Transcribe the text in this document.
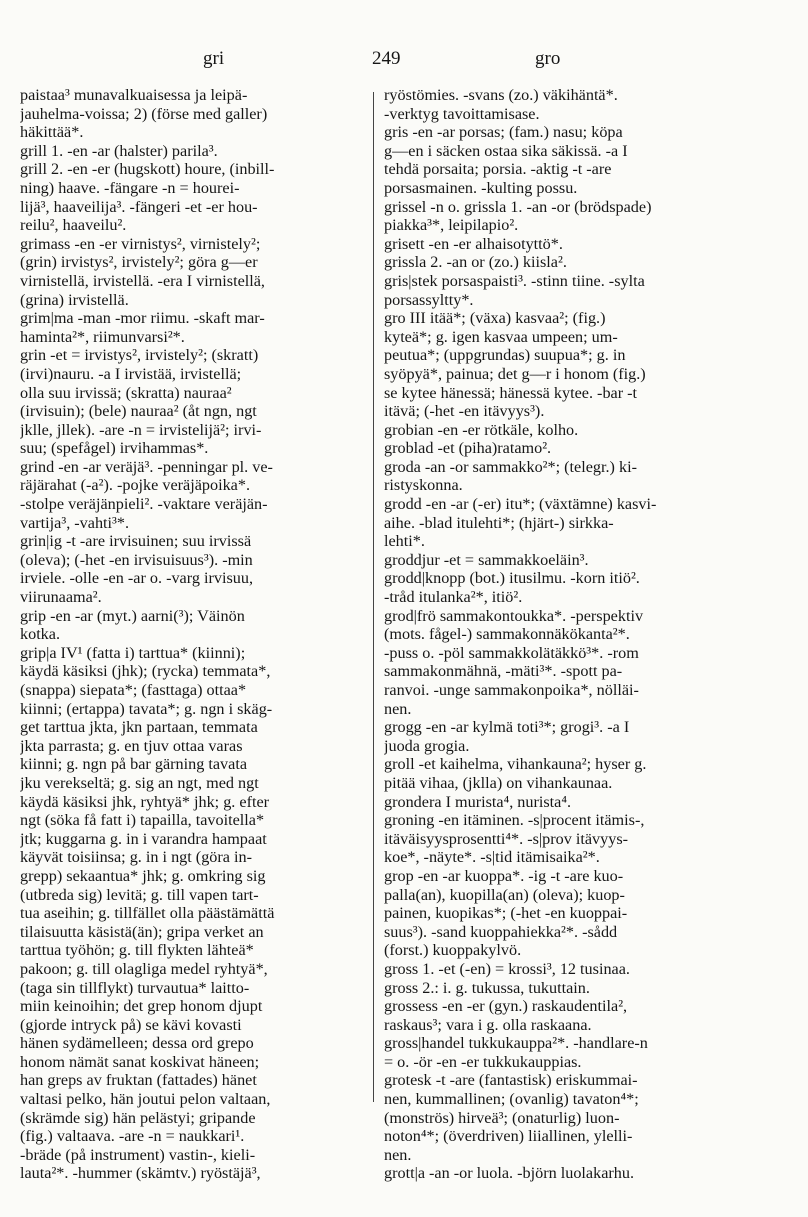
gri	249	gro
paistaa³ munavalkuaisessa ja leipä-
jauhelma-voissa; 2) (förse med galler)
häkittää*.
grill 1. -en -ar (halster) parila³.
grill 2. -en -er (hugskott) houre, (inbill-
ning) haave. -fängare -n = hourei-
lijä³, haaveilija³. -fängeri -et -er hou-
reilu², haaveilu².
grimass -en -er virnistys², virnistely²;
(grin) irvistys², irvistely²; göra g—er
virnistellä, irvistellä. -era I virnistellä,
(grina) irvistellä.
grim|ma -man -mor riimu. -skaft mar-
haminta²*, riimunvarsi²*.
grin -et = irvistys², irvistely²; (skratt)
(irvi)nauru. -a I irvistää, irvistellä;
olla suu irvissä; (skratta) nauraa²
(irvisuin); (bele) nauraa² (åt ngn, ngt
jklle, jllek). -are -n = irvistelijä²; irvi-
suu; (spefågel) irvihammas*.
grind -en -ar veräjä³. -penningar pl. ve-
räjärahat (-a²). -pojke veräjäpoika*.
-stolpe veräjänpieli². -vaktare veräjän-
vartija³, -vahti³*.
grin|ig -t -are irvisuinen; suu irvissä
(oleva); (-het -en irvisuisuus³). -min
irviele. -olle -en -ar o. -varg irvisuu,
viirunaama².
grip -en -ar (myt.) aarni(³); Väinön
kotka.
grip|a IV¹ (fatta i) tarttua* (kiinni);
käydä käsiksi (jhk); (rycka) temmata*,
(snappa) siepata*; (fasttaga) ottaa*
kiinni; (ertappa) tavata*; g. ngn i skäg-
get tarttua jkta, jkn partaan, temmata
jkta parrasta; g. en tjuv ottaa varas
kiinni; g. ngn på bar gärning tavata
jku verekseltä; g. sig an ngt, med ngt
käydä käsiksi jhk, ryhtyä* jhk; g. efter
ngt (söka få fatt i) tapailla, tavoitella*
jtk; kuggarna g. in i varandra hampaat
käyvät toisiinsa; g. in i ngt (göra in-
grepp) sekaantua* jhk; g. omkring sig
(utbreda sig) levitä; g. till vapen tart-
tua aseihin; g. tillfället olla päästämättä
tilaisuutta käsistä(än); gripa verket an
tarttua työhön; g. till flykten lähteä*
pakoon; g. till olagliga medel ryhtyä*,
(taga sin tillflykt) turvautua* laitto-
miin keinoihin; det grep honom djupt
(gjorde intryck på) se kävi kovasti
hänen sydämelleen; dessa ord grepo
honom nämät sanat koskivat häneen;
han greps av fruktan (fattades) hänet
valtasi pelko, hän joutui pelon valtaan,
(skrämde sig) hän pelästyi; gripande
(fig.) valtaava. -are -n = naukkari¹.
-bräde (på instrument) vastin-, kieli-
lauta²*. -hummer (skämtv.) ryöstäjä³,
ryöstömies. -svans (zo.) väkihäntä*.
-verktyg tavoittamisase.
gris -en -ar porsas; (fam.) nasu; köpa
g—en i säcken ostaa sika säkissä. -a I
tehdä porsaita; porsia. -aktig -t -are
porsasmainen. -kulting possu.
grissel -n o. grissla 1. -an -or (brödspade)
piakka³*, leipilapio².
grisett -en -er alhaisotyttö*.
grissla 2. -an or (zo.) kiisla².
gris|stek porsaspaisti³. -stinn tiine. -sylta
porsassyltty*.
gro III itää*; (växa) kasvaa²; (fig.)
kyteä*; g. igen kasvaa umpeen; um-
peutua*; (uppgrundas) suupua*; g. in
syöpyä*, painua; det g—r i honom (fig.)
se kytee hänessä; hänessä kytee. -bar -t
itävä; (-het -en itävyys³).
grobian -en -er rötkäle, kolho.
groblad -et (piha)ratamo².
groda -an -or sammakko²*; (telegr.) ki-
ristyskonna.
grodd -en -ar (-er) itu*; (växtämne) kasvi-
aihe. -blad itulehti*; (hjärt-) sirkka-
lehti*.
groddjur -et = sammakkoeläin³.
grodd|knopp (bot.) itusilmu. -korn itiö².
-tråd itulanka²*, itiö².
grod|frö sammakontoukka*. -perspektiv
(mots. fågel-) sammakonnäkökanta²*.
-puss o. -pöl sammakkolätäkkö³*. -rom
sammakonmähnä, -mäti³*. -spott pa-
ranvoi. -unge sammakonpoika*, nölläi-
nen.
grogg -en -ar kylmä toti³*; grogi³. -a I
juoda grogia.
groll -et kaihelma, vihankauna²; hyser g.
pitää vihaa, (jklla) on vihankaunaa.
grondera I murista⁴, nurista⁴.
groning -en itäminen. -s|procent itämis-,
itäväisyysprosentti⁴*. -s|prov itävyys-
koe*, -näyte*. -s|tid itämisaika²*.
grop -en -ar kuoppa*. -ig -t -are kuo-
palla(an), kuopilla(an) (oleva); kuop-
painen, kuopikas*; (-het -en kuoppai-
suus³). -sand kuoppahiekka²*. -sådd
(forst.) kuoppakylvö.
gross 1. -et (-en) = krossi³, 12 tusinaa.
gross 2.: i. g. tukussa, tukuttain.
grossess -en -er (gyn.) raskaudentila²,
raskaus³; vara i g. olla raskaana.
gross|handel tukkukauppa²*. -handlare-n
= o. -ör -en -er tukkukauppias.
grotesk -t -are (fantastisk) eriskummai-
nen, kummallinen; (ovanlig) tavaton⁴*;
(monströs) hirveä³; (onaturlig) luon-
noton⁴*; (överdriven) liiallinen, ylelli-
nen.
grott|a -an -or luola. -björn luolakarhu.
